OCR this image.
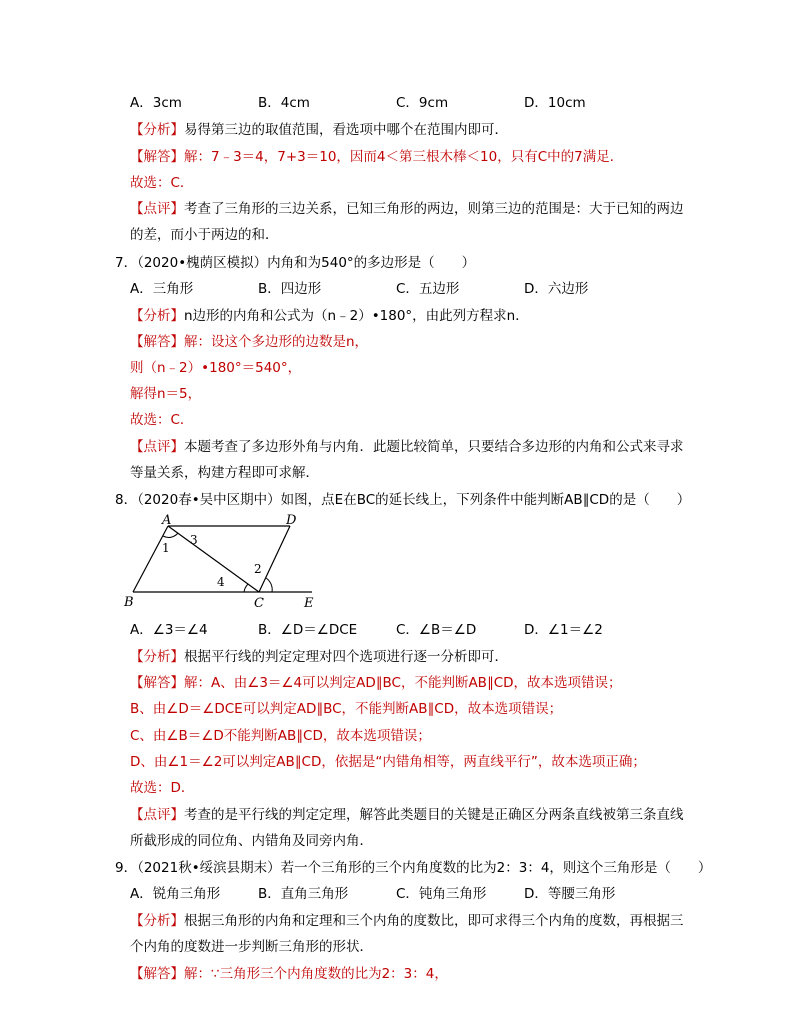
A．3cm	B．4cm	C．9cm	D．10cm
【分析】易得第三边的取值范围，看选项中哪个在范围内即可．
【解答】解：7﹣3＝4，7+3＝10，因而4＜第三根木棒＜10，只有C中的7满足．
故选：C．
【点评】考查了三角形的三边关系，已知三角形的两边，则第三边的范围是：大于已知的两边
的差，而小于两边的和．
7．（2020•槐荫区模拟）内角和为540°的多边形是（　　）
A．三角形	B．四边形	C．五边形	D．六边形
【分析】n边形的内角和公式为（n﹣2）•180°，由此列方程求n．
【解答】解：设这个多边形的边数是n，
则（n﹣2）•180°＝540°，
解得n＝5，
故选：C．
【点评】本题考查了多边形外角与内角．此题比较简单，只要结合多边形的内角和公式来寻求
等量关系，构建方程即可求解．
8．（2020春•吴中区期中）如图，点E在BC的延长线上，下列条件中能判断AB∥CD的是（　　）
A
B	C
D
E
1
3
2
4
A．∠3＝∠4	B．∠D＝∠DCE	C．∠B＝∠D	D．∠1＝∠2
【分析】根据平行线的判定定理对四个选项进行逐一分析即可．
【解答】解：A、由∠3＝∠4可以判定AD∥BC，不能判断AB∥CD，故本选项错误；
B、由∠D＝∠DCE可以判定AD∥BC，不能判断AB∥CD，故本选项错误；
C、由∠B＝∠D不能判断AB∥CD，故本选项错误；
D、由∠1＝∠2可以判定AB∥CD，依据是“内错角相等，两直线平行”，故本选项正确；
故选：D．
【点评】考查的是平行线的判定定理，解答此类题目的关键是正确区分两条直线被第三条直线
所截形成的同位角、内错角及同旁内角．
9．（2021秋•绥滨县期末）若一个三角形的三个内角度数的比为2：3：4，则这个三角形是（　　）
A．锐角三角形	B．直角三角形	C．钝角三角形	D．等腰三角形
【分析】根据三角形的内角和定理和三个内角的度数比，即可求得三个内角的度数，再根据三
个内角的度数进一步判断三角形的形状．
【解答】解：∵三角形三个内角度数的比为2：3：4，
